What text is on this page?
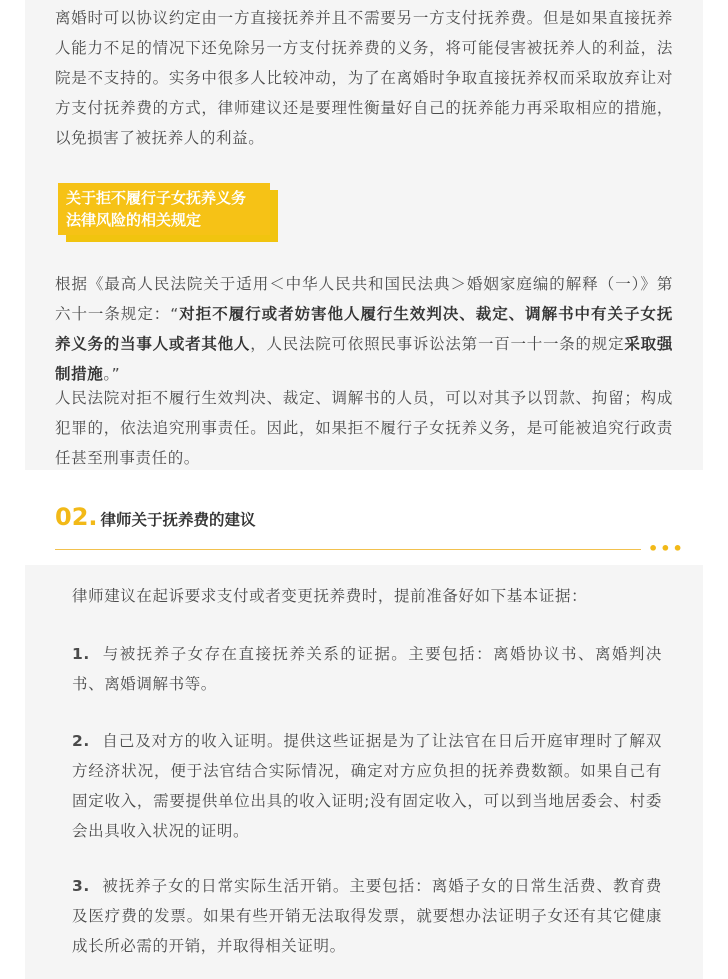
离婚时可以协议约定由一方直接抚养并且不需要另一方支付抚养费。但是如果直接抚养人能力不足的情况下还免除另一方支付抚养费的义务，将可能侵害被抚养人的利益，法院是不支持的。实务中很多人比较冲动，为了在离婚时争取直接抚养权而采取放弃让对方支付抚养费的方式，律师建议还是要理性衡量好自己的抚养能力再采取相应的措施，以免损害了被抚养人的利益。

关于拒不履行子女抚养义务
法律风险的相关规定

根据《最高人民法院关于适用＜中华人民共和国民法典＞婚姻家庭编的解释（一）》第六十一条规定：“对拒不履行或者妨害他人履行生效判决、裁定、调解书中有关子女抚养义务的当事人或者其他人，人民法院可依照民事诉讼法第一百一十一条的规定采取强制措施。”

人民法院对拒不履行生效判决、裁定、调解书的人员，可以对其予以罚款、拘留；构成犯罪的，依法追究刑事责任。因此，如果拒不履行子女抚养义务，是可能被追究行政责任甚至刑事责任的。

02. 律师关于抚养费的建议
•••

律师建议在起诉要求支付或者变更抚养费时，提前准备好如下基本证据：

1. 与被抚养子女存在直接抚养关系的证据。主要包括：离婚协议书、离婚判决书、离婚调解书等。

2. 自己及对方的收入证明。提供这些证据是为了让法官在日后开庭审理时了解双方经济状况，便于法官结合实际情况，确定对方应负担的抚养费数额。如果自己有固定收入，需要提供单位出具的收入证明;没有固定收入，可以到当地居委会、村委会出具收入状况的证明。

3. 被抚养子女的日常实际生活开销。主要包括：离婚子女的日常生活费、教育费及医疗费的发票。如果有些开销无法取得发票，就要想办法证明子女还有其它健康成长所必需的开销，并取得相关证明。
